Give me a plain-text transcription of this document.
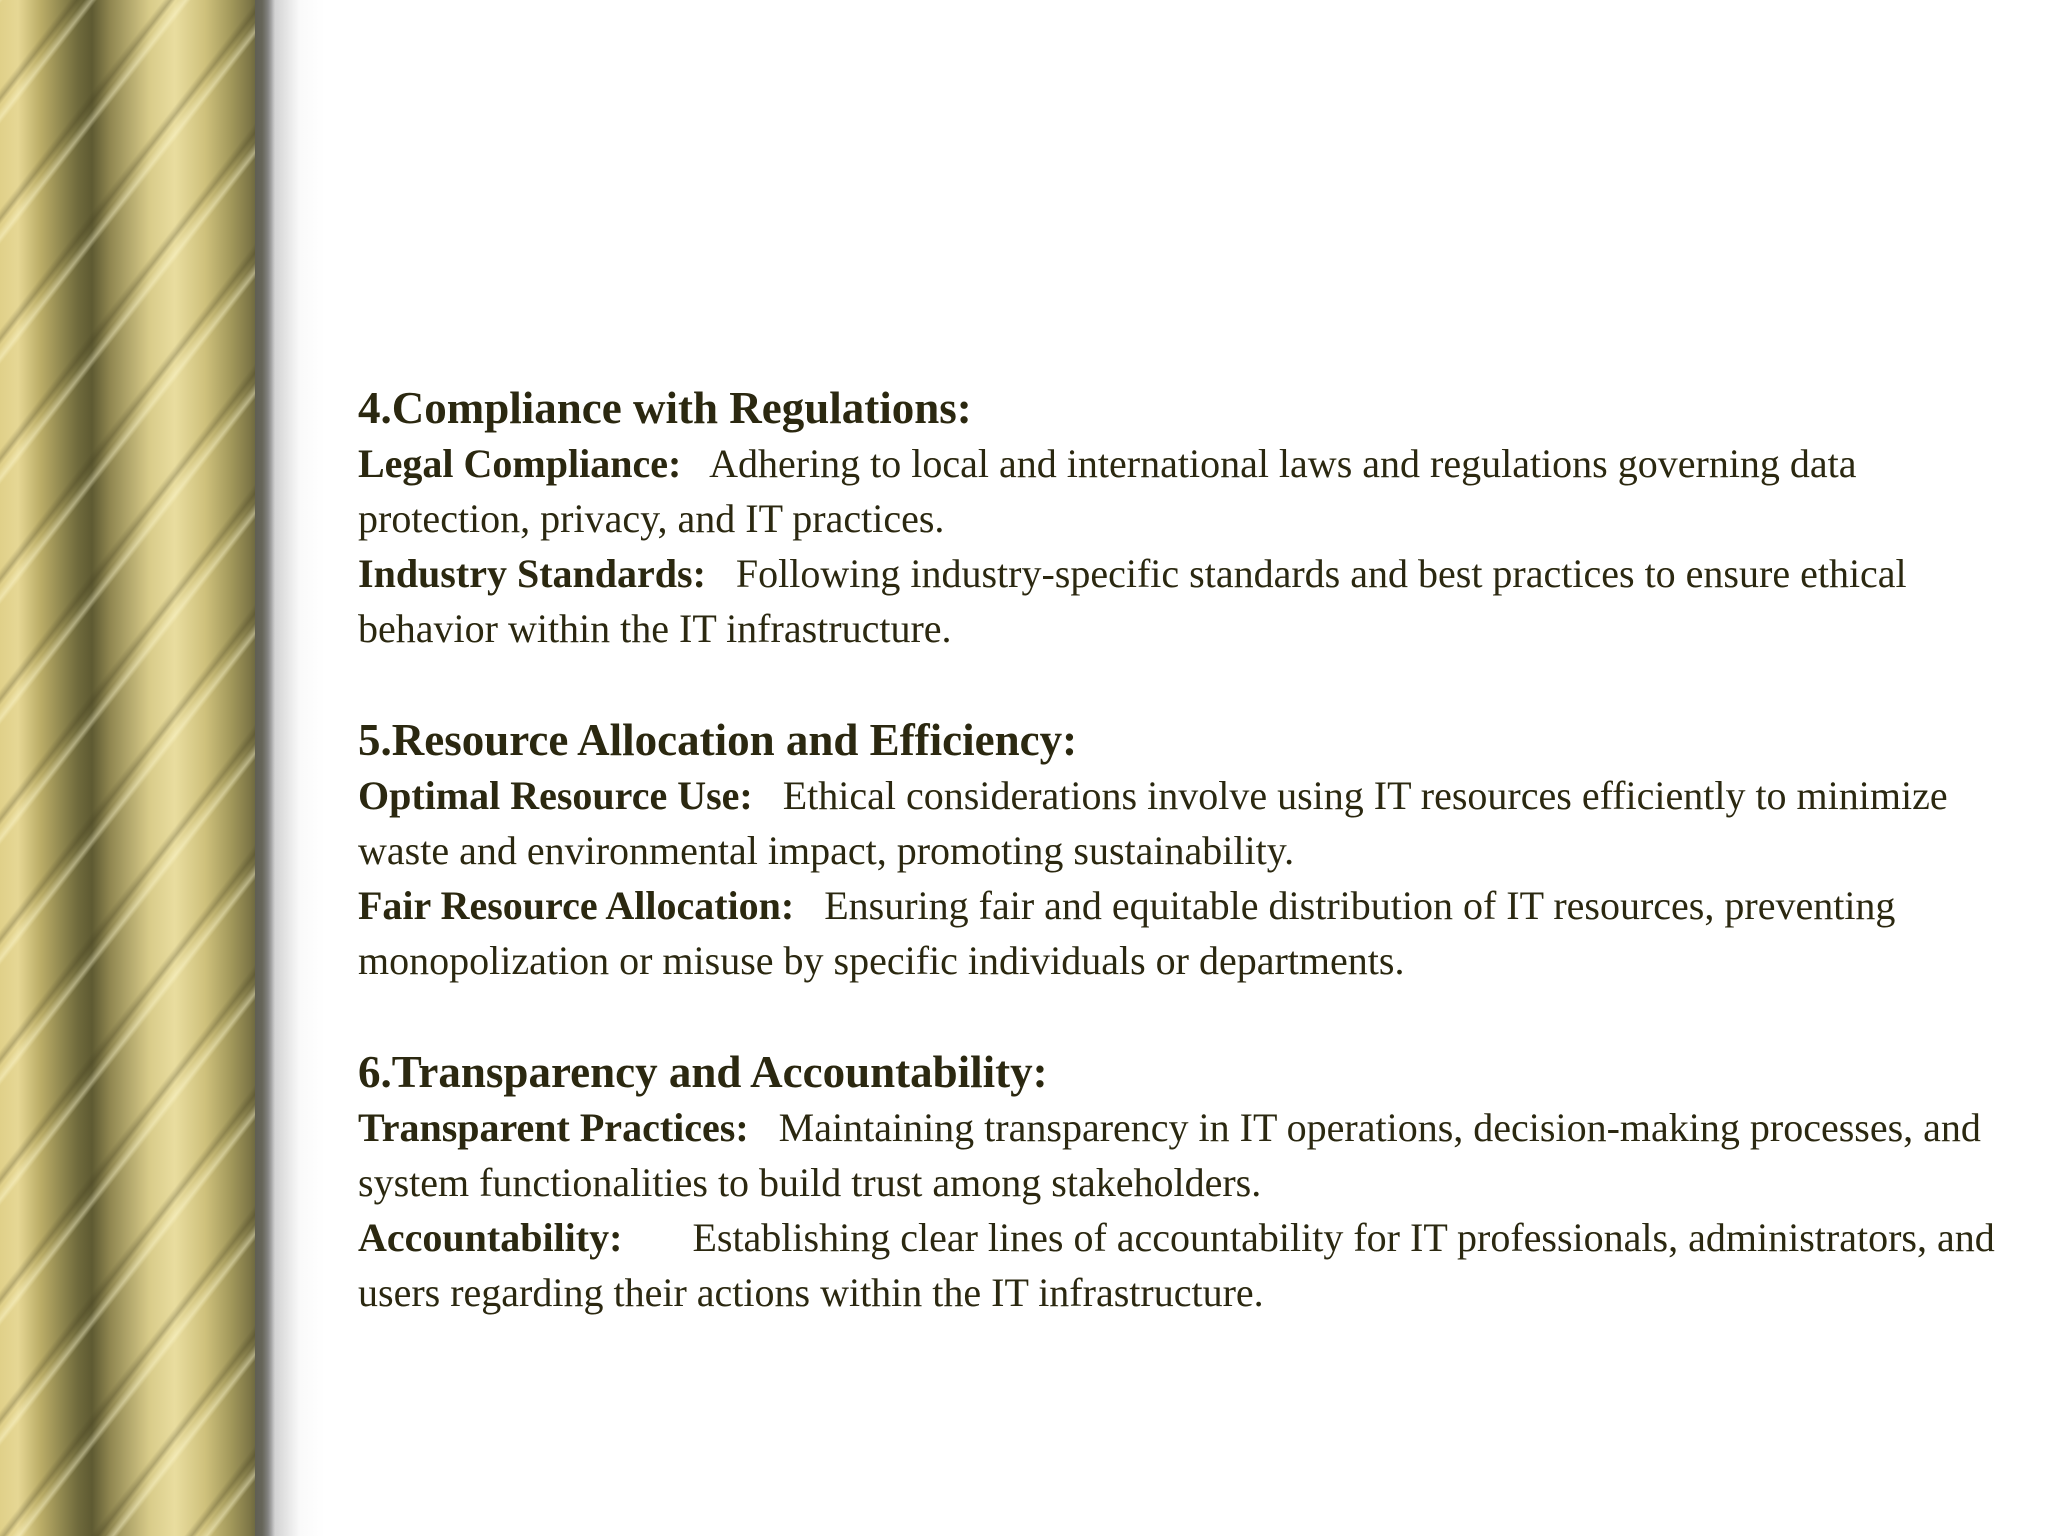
4.Compliance with Regulations:

Legal Compliance: Adhering to local and international laws and regulations governing data protection, privacy, and IT practices.

Industry Standards: Following industry-specific standards and best practices to ensure ethical behavior within the IT infrastructure.

5.Resource Allocation and Efficiency:

Optimal Resource Use: Ethical considerations involve using IT resources efficiently to minimize waste and environmental impact, promoting sustainability.

Fair Resource Allocation: Ensuring fair and equitable distribution of IT resources, preventing monopolization or misuse by specific individuals or departments.

6.Transparency and Accountability:

Transparent Practices: Maintaining transparency in IT operations, decision-making processes, and system functionalities to build trust among stakeholders.

Accountability: Establishing clear lines of accountability for IT professionals, administrators, and users regarding their actions within the IT infrastructure.
